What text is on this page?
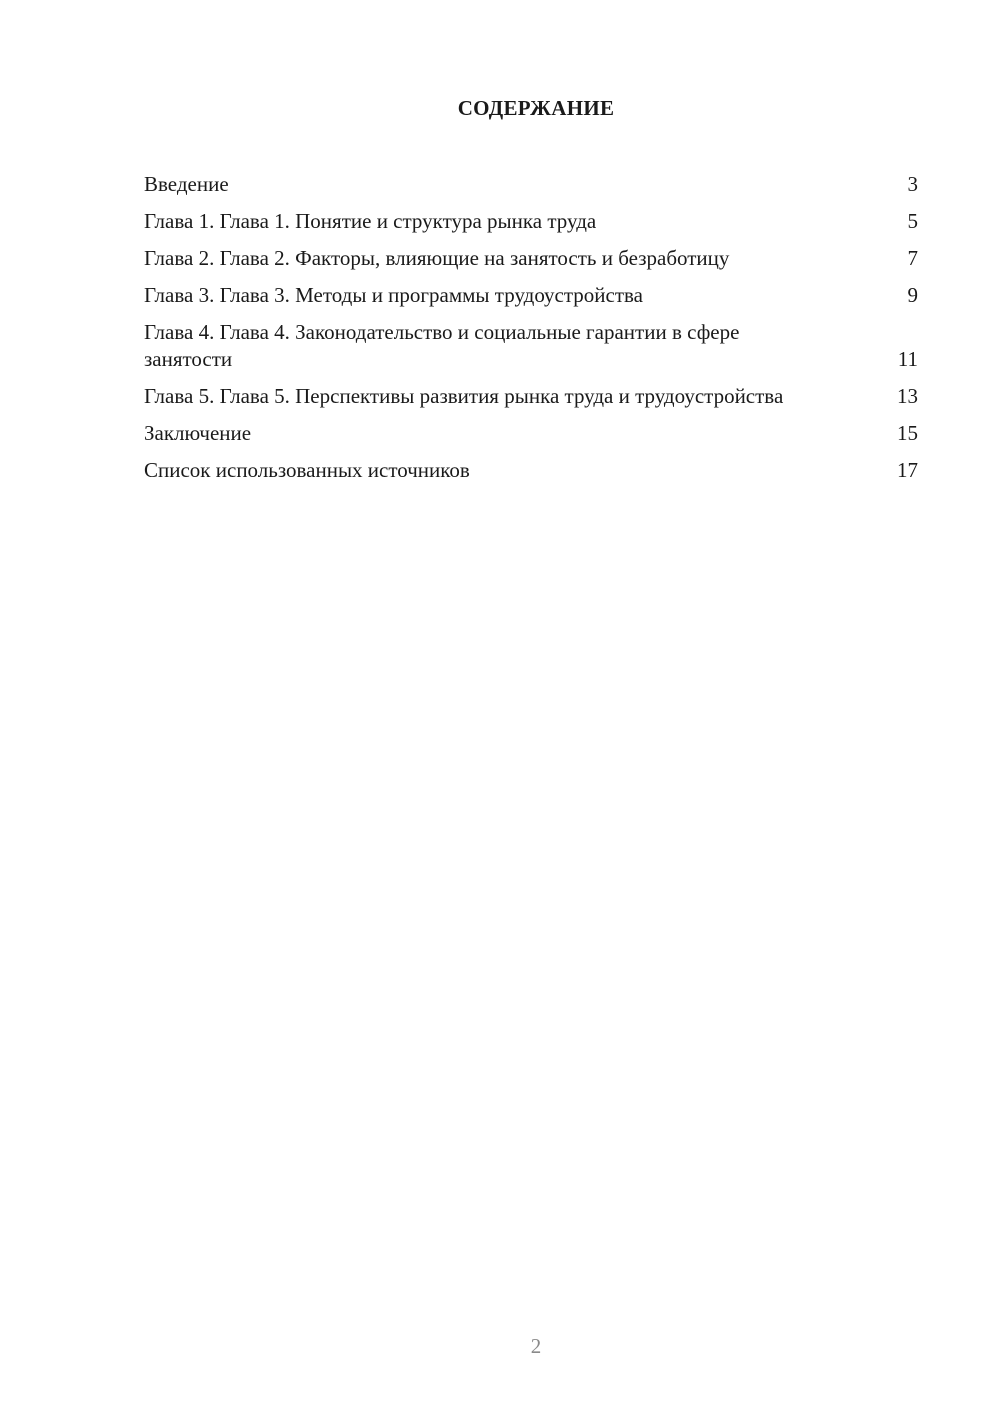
СОДЕРЖАНИЕ
Введение	3
Глава 1. Глава 1. Понятие и структура рынка труда	5
Глава 2. Глава 2. Факторы, влияющие на занятость и безработицу	7
Глава 3. Глава 3. Методы и программы трудоустройства	9
Глава 4. Глава 4. Законодательство и социальные гарантии в сфере занятости	11
Глава 5. Глава 5. Перспективы развития рынка труда и трудоустройства	13
Заключение	15
Список использованных источников	17
2
